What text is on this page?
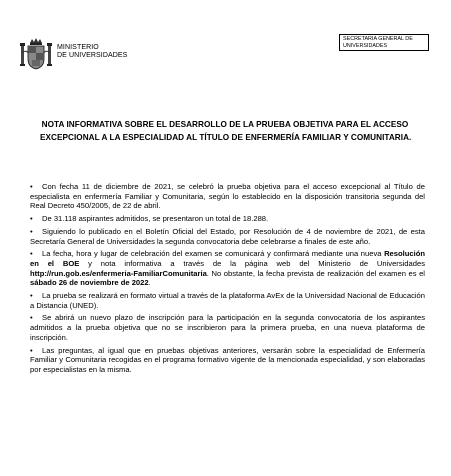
MINISTERIO
DE UNIVERSIDADES
SECRETARIA GENERAL DE
UNIVERSIDADES
NOTA INFORMATIVA SOBRE EL DESARROLLO DE LA PRUEBA OBJETIVA PARA EL ACCESO
EXCEPCIONAL A LA ESPECIALIDAD AL TÍTULO DE ENFERMERÍA FAMILIAR Y COMUNITARIA.
• Con fecha 11 de diciembre de 2021, se celebró la prueba objetiva para el acceso excepcional al Título de especialista en enfermería Familiar y Comunitaria, según lo establecido en la disposición transitoria segunda del Real Decreto 450/2005, de 22 de abril.
• De 31.118 aspirantes admitidos, se presentaron un total de 18.288.
• Siguiendo lo publicado en el Boletín Oficial del Estado, por Resolución de 4 de noviembre de 2021, de esta Secretaría General de Universidades la segunda convocatoria debe celebrarse a finales de este año.
• La fecha, hora y lugar de celebración del examen se comunicará y confirmará mediante una nueva Resolución en el BOE y nota informativa a través de la página web del Ministerio de Universidades http://run.gob.es/enfermeria-FamiliarComunitaria. No obstante, la fecha prevista de realización del examen es el sábado 26 de noviembre de 2022.
• La prueba se realizará en formato virtual a través de la plataforma AvEx de la Universidad Nacional de Educación a Distancia (UNED).
• Se abrirá un nuevo plazo de inscripción para la participación en la segunda convocatoria de los aspirantes admitidos a la prueba objetiva que no se inscribieron para la primera prueba, en una nueva plataforma de inscripción.
• Las preguntas, al igual que en pruebas objetivas anteriores, versarán sobre la especialidad de Enfermería Familiar y Comunitaria recogidas en el programa formativo vigente de la mencionada especialidad, y son elaboradas por especialistas en la misma.
